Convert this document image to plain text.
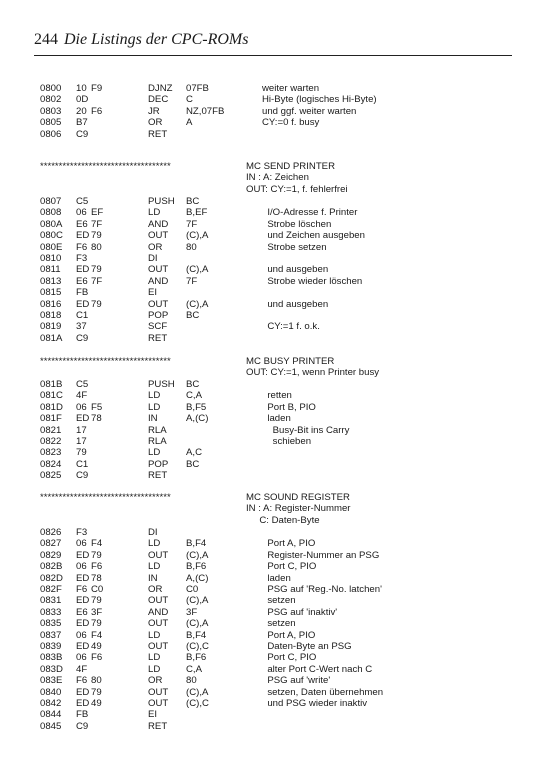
244 Die Listings der CPC-ROMs
0800 10 F9	DJNZ 07FB	weiter warten
0802 0D	DEC C	Hi-Byte (logisches Hi-Byte)
0803 20 F6	JR	NZ,07FB	und ggf. weiter warten
0805 B7	OR A	CY:=0 f. busy
0806 C9	RET
***********************************	MC SEND PRINTER
IN : A: Zeichen
OUT: CY:=1, f. fehlerfrei
0807 C5	PUSH BC
0808 06 EF	LD	B,EF	I/O-Adresse f. Printer
080A E6 7F	AND 7F	Strobe löschen
080C ED 79	OUT (C),A	und Zeichen ausgeben
080E F6 80	OR 80	Strobe setzen
0810 F3	DI
0811 ED 79	OUT (C),A	und ausgeben
0813 E6 7F	AND 7F	Strobe wieder löschen
0815 FB	EI
0816 ED 79	OUT (C),A	und ausgeben
0818 C1	POP BC
0819 37	SCF	CY:=1 f. o.k.
081A C9	RET
***********************************	MC BUSY PRINTER
OUT: CY:=1, wenn Printer busy
081B C5	PUSH BC
081C 4F	LD	C,A	retten
081D 06 F5	LD	B,F5	Port B, PIO
081F ED 78	IN	A,(C)	laden
0821 17	RLA	Busy-Bit ins Carry
0822 17	RLA	schieben
0823 79	LD	A,C
0824 C1	POP BC
0825 C9	RET
***********************************	MC SOUND REGISTER
IN : A: Register-Nummer
C: Daten-Byte
0826 F3	DI
0827 06 F4	LD	B,F4	Port A, PIO
0829 ED 79	OUT (C),A	Register-Nummer an PSG
082B 06 F6	LD	B,F6	Port C, PIO
082D ED 78	IN	A,(C)	laden
082F F6 C0	OR C0	PSG auf 'Reg.-No. latchen'
0831 ED 79	OUT (C),A	setzen
0833 E6 3F	AND 3F	PSG auf 'inaktiv'
0835 ED 79	OUT (C),A	setzen
0837 06 F4	LD	B,F4	Port A, PIO
0839 ED 49	OUT (C),C	Daten-Byte an PSG
083B 06 F6	LD	B,F6	Port C, PIO
083D 4F	LD	C,A	alter Port C-Wert nach C
083E F6 80	OR 80	PSG auf 'write'
0840 ED 79	OUT (C),A	setzen, Daten übernehmen
0842 ED 49	OUT (C),C	und PSG wieder inaktiv
0844 FB	EI
0845 C9	RET
